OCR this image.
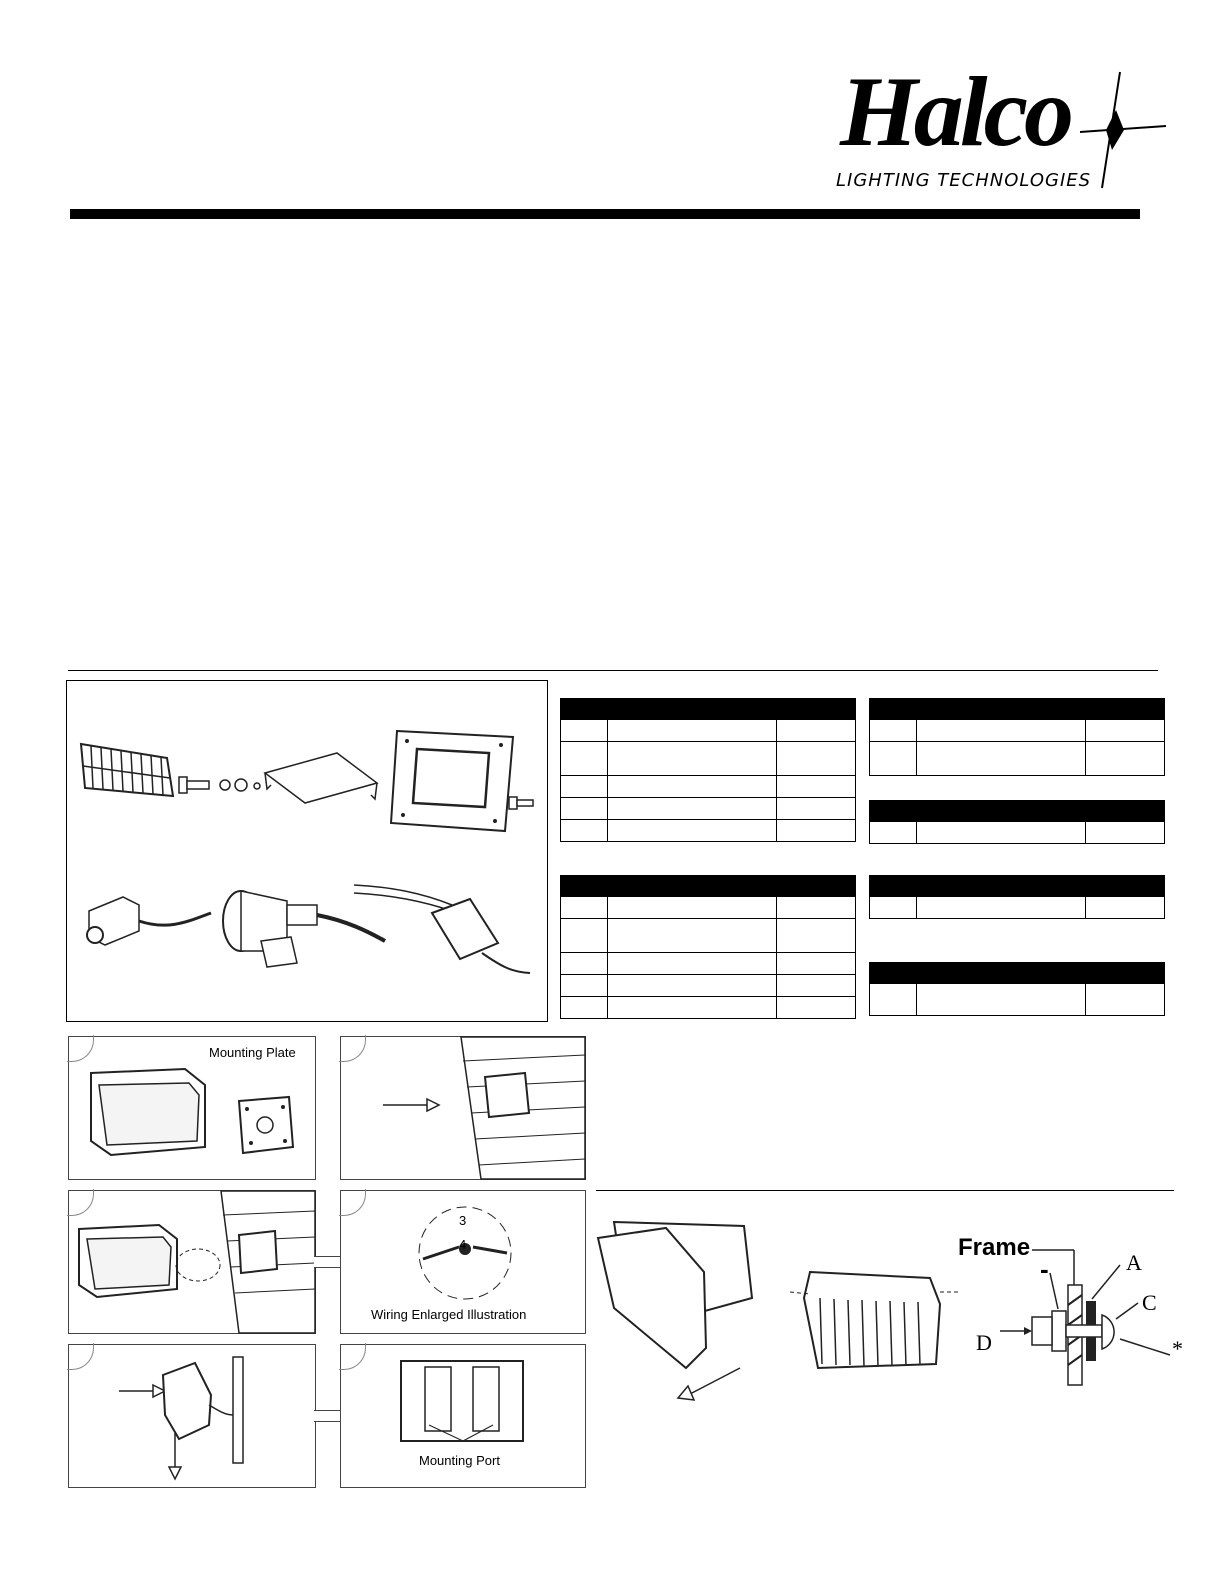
Halco
LIGHTING TECHNOLOGIES

Mounting Plate
3
4
Wiring Enlarged Illustration
Mounting Port
Frame
-	A
C
D	*
